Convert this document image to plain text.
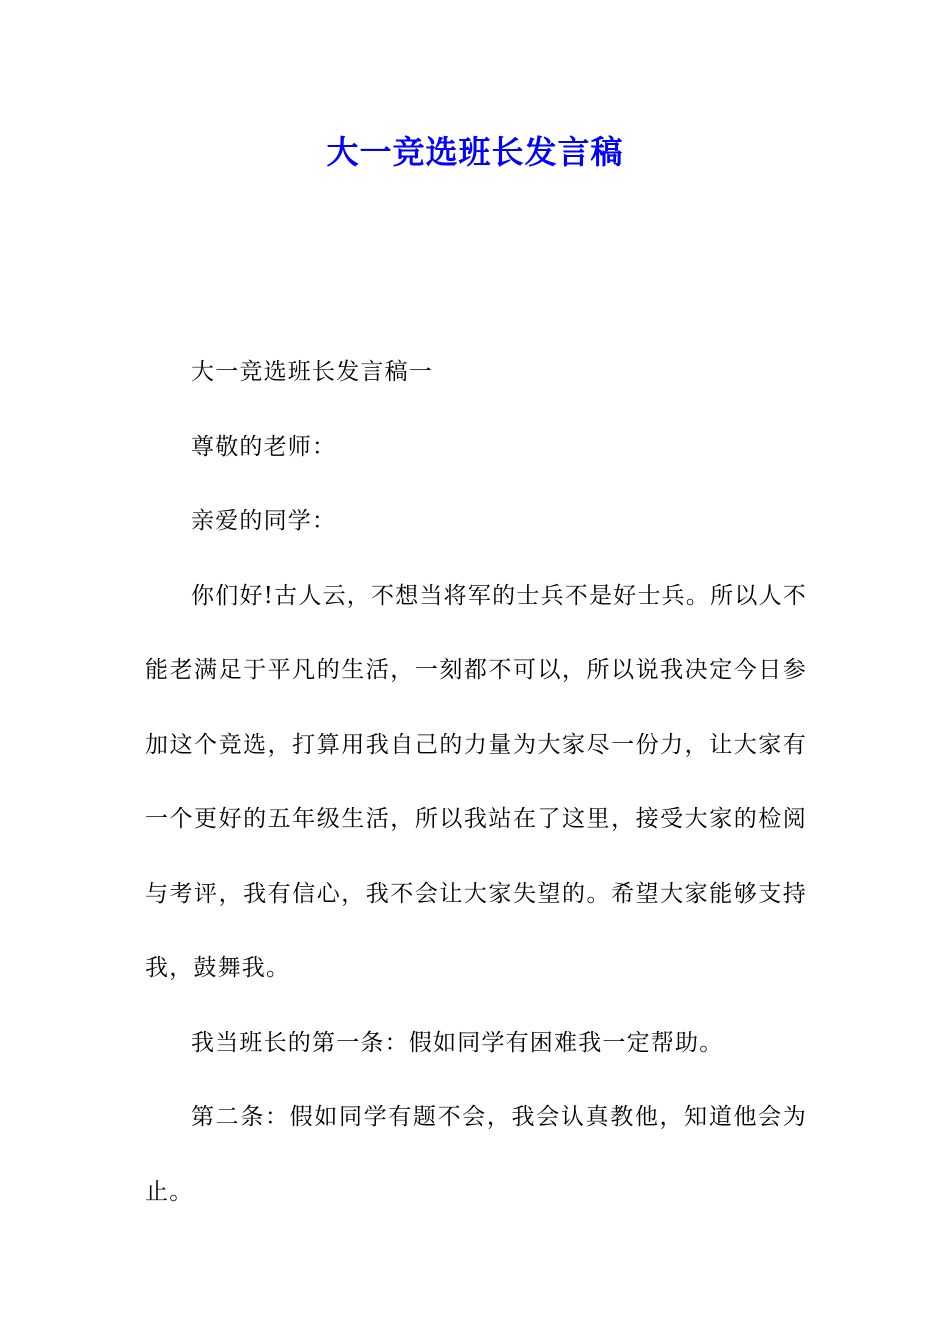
大一竞选班长发言稿

大一竞选班长发言稿一

尊敬的老师：

亲爱的同学：

你们好!古人云，不想当将军的士兵不是好士兵。所以人不能老满足于平凡的生活，一刻都不可以，所以说我决定今日参加这个竞选，打算用我自己的力量为大家尽一份力，让大家有一个更好的五年级生活，所以我站在了这里，接受大家的检阅与考评，我有信心，我不会让大家失望的。希望大家能够支持我，鼓舞我。

我当班长的第一条：假如同学有困难我一定帮助。

第二条：假如同学有题不会，我会认真教他，知道他会为止。
